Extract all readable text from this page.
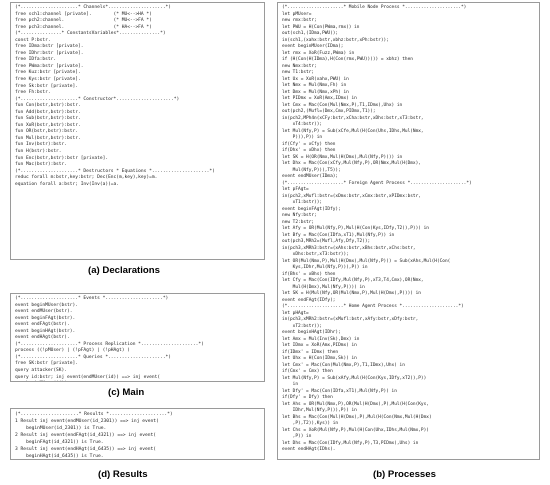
(*.....................* Channels*.....................*)
free sch1:channel [private].        (* MU<-->HA *)
free pch2:channel.                  (* MU<-->FA *)
free pch3:channel.                  (* HA<-->FA *)
(*...............* ConstantsVariables*...............*)
const P:bstr.
free IDma:bstr [private].
free IDhr:bstr [private].
free IDfa:bstr.
free PWma:bstr [private].
free Kuz:bstr [private].
free Kys:bstr [private].
free Sk:bstr [private].
free Fh:bstr.
(*.....................* Constructor*.....................*)
fun Con(bstr,bstr):bstr.
fun Add(bstr,bstr):bstr.
fun Sub(bstr,bstr):bstr.
fun XoR(bstr,bstr):bstr.
fun OR(bstr,bstr):bstr.
fun Mul(bstr,bstr):bstr.
fun Inv(bstr):bstr.
fun H(bstr):bstr.
fun Enc(bstr,bstr):bstr [private].
fun Mac(bstr):bstr.
(*.....................* Destructors * Equations *.....................*)
reduc forall m:bstr,key:bstr; Dec(Enc(m,key),key)=m.
equation forall a:bstr; Inv(Inv(a))=a.
(a) Declarations
(*.....................* Events *.....................*)
event beginMUser(bstr).
event endMUser(bstr).
event beginFAgt(bstr).
event endFAgt(bstr).
event beginHAgt(bstr).
event endHAgt(bstr).
(*.....................* Process Replication *.....................*)
process ((!pMUser) | (!pFAgt) | (!pHAgt) )
(*.....................* Queries *.....................*)
free SK:bstr [private].
query attacker(SK).
query id:bstr; inj event(endMUser(id)) ==> inj event(

(c) Main
(*.....................* Results *.....................*)
1 Result inj event(endMUser(id_2301)) ==> inj event(
beginMUser(id_2301)) is True.
2 Result inj event(endFAgt(id_4321)) ==> inj event(
beginFAgt(id_4321)) is True.
3 Result inj event(endHAgt(id_6435)) ==> inj event(
beginHAgt(id_6435)) is True.

(d) Results
(*.....................* Mobile Node Process *.....................*)
let pMUser=
new rmx:bstr;
let PWU = H(Con(PWma,rmx)) in
out(sch1,(IDma,PWU));
in(sch1,(xahx:bstr,xbhz:bstr,xPh:bstr));
event beginMUser(IDma);
let rmx = XoR(Fuzz,PWma) in
if (H(Con(H(IDma),H(Con(rmx,PWU))))) = xbhz) then
new Nmx:bstr;
new T1:bstr;
let Ux = XoR(xahx,PWU) in
let Nmx = Mul(Nmx,Fh) in
let Dmx = Mul(Nmx,xPh) in
let PIDmx = XoR(Amx,IDmx) in
let Cmx = Mac(Con(Mul(Nmx,P),T1,IDmx),Uhx) in
out(pch2,(Mufl=(Dmx,Cmx,PIDmx,T1));
in(pch2,MPh4n(xCFy:bstr,xCha:bstr,xDhs:bstr,xT3:bstr,
xT4:bstr));
let Mul(Nfy,P) = Sub(xCfe,Mul(H(Con(Uhs,IDhs,Mul(Nmx,
P))),P)) in
if(Cfy' = xCfy) then
if(Dhx' = xDhx) then
let SK = H(OR(Nmx,Mul(H(Dmx),Mul(Nfy,P)))) in
let Dhx = Mac(Con(xCfy,Mul(Nfy,P),OR(Nmx,Mul(H(Dmx),
Mul(Nfy,P))),T5));
event endMUser(IDma);
(*.....................* Foreign Agent Process *.....................*)
let pFAgt=
in(pch2,xMufl:bstr=(xDmx:bstr,xCmx:bstr,xPIDmx:bstr,
xT1:bstr));
event beginFAgt(IDfy);
new Nfy:bstr;
new T2:bstr;
let Afy = OR(Mul(Nfy,P),Mul(H(Con(Kys,IDfy,T2)),P))) in
let Bfy = Mac(Con(IDfa,xT1),Mul(Nfy,P)) in
out(pch3,MRh2=(Mufl,Afy,Dfy,T2));
in(pch3,xMRh3:bstr=(xAhs:bstr,xBhs:bstr,xChs:bstr,
xDhs:bstr,xT3:bstr));
let OR(Mul(Nmx,P),Mul(H(Dmx),Mul(Nfy,P))) = Sub(xAhs,Mul(H(Con(
Kys,IDhr,Mul(Nfy,P))),P)) in
if(Bhs' = xBhs) then
let Cfy = Mac(Con(IDfy,Mul(Nfy,P),xT3,T4,Cmx),OR(Nmx,
Mul(H(Dmx),Mul(Nfy,P)))) in
let SK = H(Mul(Nfy,OR(Mul(Nmx,P),Mul(H(Dmx),P)))) in
event endFAgt(IDfy);
(*.....................* Home Agent Process *.....................*)
let pHAgt=
in(pch3,xMRh2:bstr=(xMufl:bstr,xAfy:bstr,xDfy:bstr,
xT2:bstr));
event beginHAgt(IDhr);
let Amx = Mul(Inv(Sk),Dmx) in
let IDmx = XoR(Amx,PIDmx) in
if(IDmx' = IDmx) then
let Uhx = H(Con(IDmx,Sk)) in
let Cmx' = Mac(Con(Mul(Nmx,P),T1,IDmx),Uhx) in
if(Cmx' = Cmx) then
let Mul(Nfy,P) = Sub(xAfy,Mul(H(Con(Kys,IDfy,xT2)),P))
in
let Dfy' = Mac(Con(IDfa,xT1),Mul(Nfy,P)) in
if(Dfy' = Dfy) then
let Ahs = OR(Mul(Nmx,P),OR(Mul(H(Dmx),P),Mul(H(Con(Kys,
IDhr,Mul(Nfy,P))),P)) in
let Bhs = Mac(Con(Mul(H(Dmx),P),Mul(H(Con(Nmx,Mul(H(Dmx)
,P),T2)),Kys)) in
let Chs = XoR(Mul(Nfy,P),Mul(H(Con(Uhx,IDhs,Mul(Nmx,P))
,P)) in
let Dhs = Mac(Con(IDfy,Mul(Nfy,P),T3,PIDmx),Uhs) in
event endHAgt(IDhs).
(b) Processes
